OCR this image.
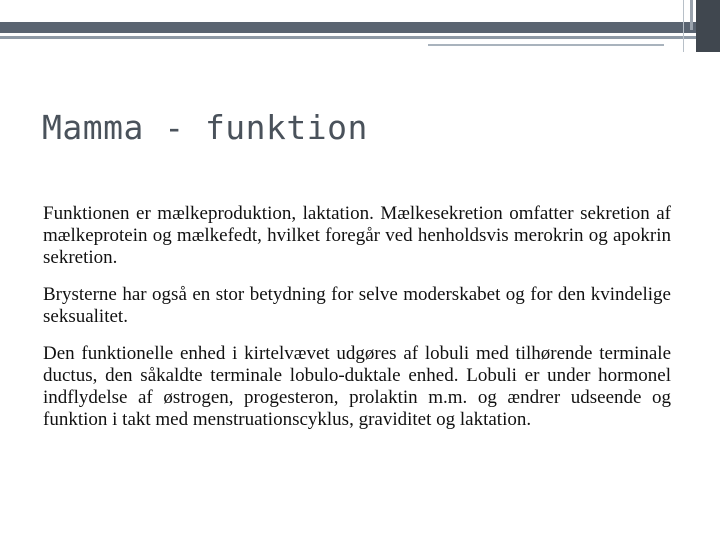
Mamma - funktion

Funktionen er mælkeproduktion, laktation. Mælkesekretion omfatter sekretion af mælkeprotein og mælkefedt, hvilket foregår ved henholdsvis merokrin og apokrin sekretion.

Brysterne har også en stor betydning for selve moderskabet og for den kvindelige seksualitet.

Den funktionelle enhed i kirtelvævet udgøres af lobuli med tilhørende terminale ductus, den såkaldte terminale lobulo-duktale enhed. Lobuli er under hormonel indflydelse af østrogen, progesteron, prolaktin m.m. og ændrer udseende og funktion i takt med menstruationscyklus, graviditet og laktation.
